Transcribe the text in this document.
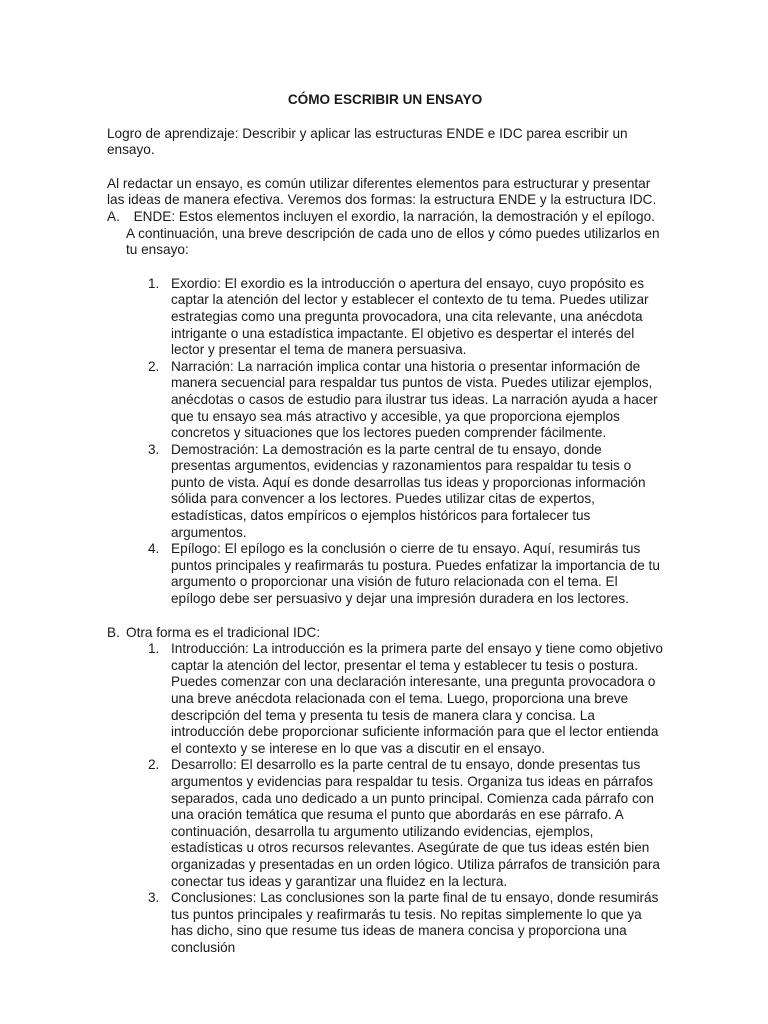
CÓMO ESCRIBIR UN ENSAYO

Logro de aprendizaje: Describir y aplicar las estructuras ENDE e IDC parea escribir un ensayo.

Al redactar un ensayo, es común utilizar diferentes elementos para estructurar y presentar las ideas de manera efectiva. Veremos dos formas: la estructura ENDE y la estructura IDC.

A.	ENDE: Estos elementos incluyen el exordio, la narración, la demostración y el epílogo. A continuación, una breve descripción de cada uno de ellos y cómo puedes utilizarlos en tu ensayo:

1. Exordio: El exordio es la introducción o apertura del ensayo, cuyo propósito es captar la atención del lector y establecer el contexto de tu tema. Puedes utilizar estrategias como una pregunta provocadora, una cita relevante, una anécdota intrigante o una estadística impactante. El objetivo es despertar el interés del lector y presentar el tema de manera persuasiva.
2. Narración: La narración implica contar una historia o presentar información de manera secuencial para respaldar tus puntos de vista. Puedes utilizar ejemplos, anécdotas o casos de estudio para ilustrar tus ideas. La narración ayuda a hacer que tu ensayo sea más atractivo y accesible, ya que proporciona ejemplos concretos y situaciones que los lectores pueden comprender fácilmente.
3. Demostración: La demostración es la parte central de tu ensayo, donde presentas argumentos, evidencias y razonamientos para respaldar tu tesis o punto de vista. Aquí es donde desarrollas tus ideas y proporcionas información sólida para convencer a los lectores. Puedes utilizar citas de expertos, estadísticas, datos empíricos o ejemplos históricos para fortalecer tus argumentos.
4. Epílogo: El epílogo es la conclusión o cierre de tu ensayo. Aquí, resumirás tus puntos principales y reafirmarás tu postura. Puedes enfatizar la importancia de tu argumento o proporcionar una visión de futuro relacionada con el tema. El epílogo debe ser persuasivo y dejar una impresión duradera en los lectores.
B. Otra forma es el tradicional IDC:

1. Introducción: La introducción es la primera parte del ensayo y tiene como objetivo captar la atención del lector, presentar el tema y establecer tu tesis o postura. Puedes comenzar con una declaración interesante, una pregunta provocadora o una breve anécdota relacionada con el tema. Luego, proporciona una breve descripción del tema y presenta tu tesis de manera clara y concisa. La introducción debe proporcionar suficiente información para que el lector entienda el contexto y se interese en lo que vas a discutir en el ensayo.
2. Desarrollo: El desarrollo es la parte central de tu ensayo, donde presentas tus argumentos y evidencias para respaldar tu tesis. Organiza tus ideas en párrafos separados, cada uno dedicado a un punto principal. Comienza cada párrafo con una oración temática que resuma el punto que abordarás en ese párrafo. A continuación, desarrolla tu argumento utilizando evidencias, ejemplos, estadísticas u otros recursos relevantes. Asegúrate de que tus ideas estén bien organizadas y presentadas en un orden lógico. Utiliza párrafos de transición para conectar tus ideas y garantizar una fluidez en la lectura.
3. Conclusiones: Las conclusiones son la parte final de tu ensayo, donde resumirás tus puntos principales y reafirmarás tu tesis. No repitas simplemente lo que ya has dicho, sino que resume tus ideas de manera concisa y proporciona una conclusión
